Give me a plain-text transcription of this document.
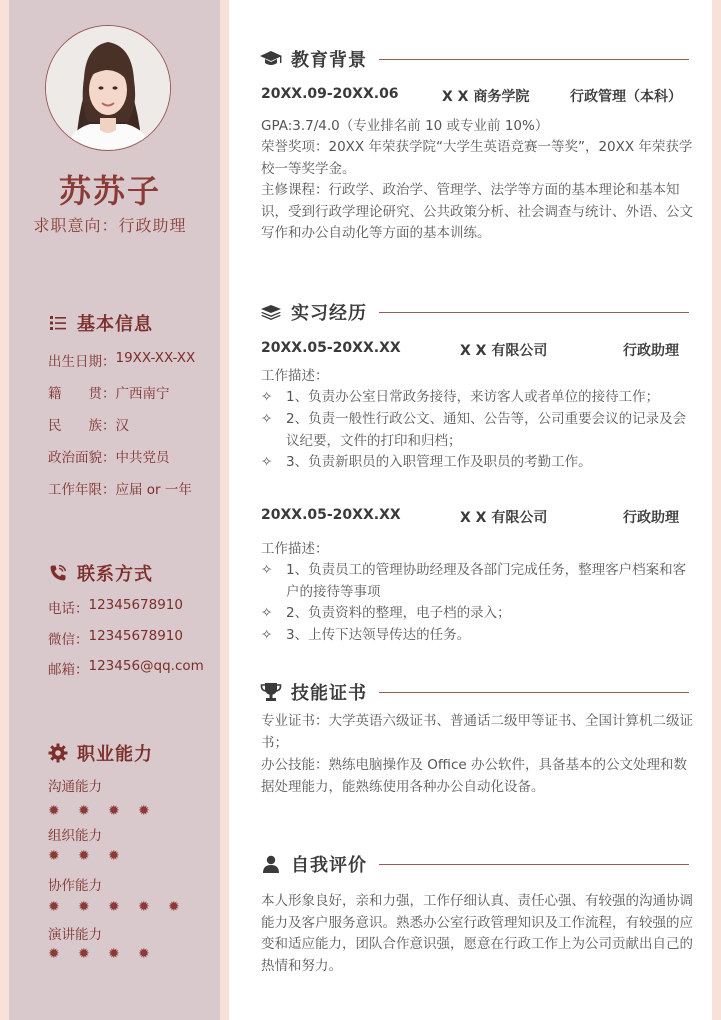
苏苏子
求职意向：行政助理
基本信息
出生日期： 19XX-XX-XX
籍　　贯： 广西南宁
民　　族： 汉
政治面貌： 中共党员
工作年限： 应届 or 一年
联系方式
电话： 12345678910
微信： 12345678910
邮箱： 123456@qq.com
职业能力
沟通能力
✹	✹	✹	✹
组织能力
✹	✹	✹
协作能力
✹	✹	✹	✹	✹
演讲能力
✹	✹	✹	✹
教育背景
20XX.09-20XX.06	X X 商务学院	行政管理（本科）

GPA:3.7/4.0（专业排名前 10 或专业前 10%）

荣誉奖项：20XX 年荣获学院“大学生英语竞赛一等奖”，20XX 年荣获学校一等奖学金。

主修课程：行政学、政治学、管理学、法学等方面的基本理论和基本知识，受到行政学理论研究、公共政策分析、社会调查与统计、外语、公文写作和办公自动化等方面的基本训练。

实习经历
20XX.05-20XX.XX	X X 有限公司	行政助理
工作描述：
✧	1、负责办公室日常政务接待，来访客人或者单位的接待工作；
✧	2、负责一般性行政公文、通知、公告等，公司重要会议的记录及会议纪要，文件的打印和归档；
✧	3、负责新职员的入职管理工作及职员的考勤工作。
20XX.05-20XX.XX	X X 有限公司	行政助理
工作描述：
✧	1、负责员工的管理协助经理及各部门完成任务，整理客户档案和客户的接待等事项
✧	2、负责资料的整理，电子档的录入；
✧	3、上传下达领导传达的任务。
技能证书

专业证书：大学英语六级证书、普通话二级甲等证书、全国计算机二级证书；

办公技能：熟练电脑操作及 Office 办公软件，具备基本的公文处理和数据处理能力，能熟练使用各种办公自动化设备。

自我评价

本人形象良好，亲和力强，工作仔细认真、责任心强、有较强的沟通协调能力及客户服务意识。熟悉办公室行政管理知识及工作流程，有较强的应变和适应能力，团队合作意识强，愿意在行政工作上为公司贡献出自己的热情和努力。
